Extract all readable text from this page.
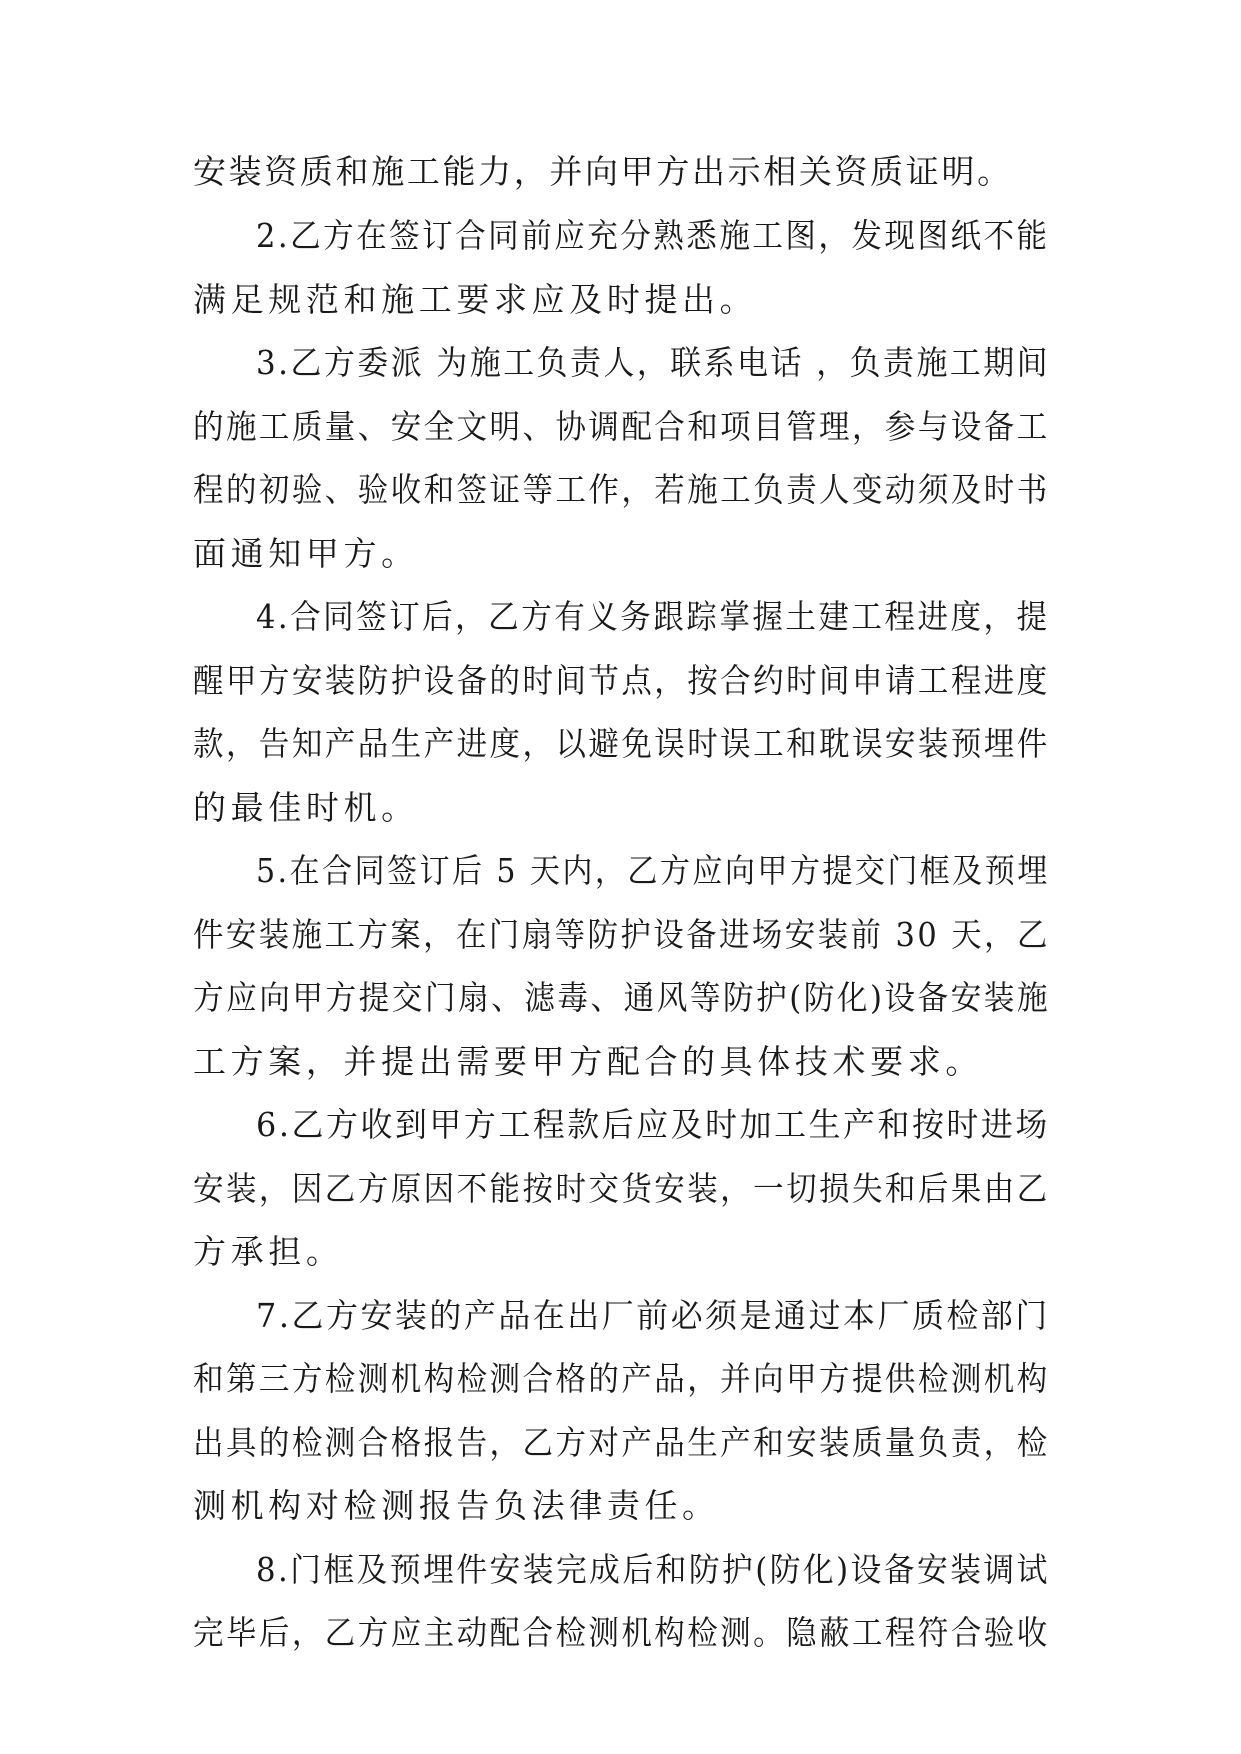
安装资质和施工能力，并向甲方出示相关资质证明。

2.乙方在签订合同前应充分熟悉施工图，发现图纸不能

满足规范和施工要求应及时提出。

3.乙方委派 为施工负责人，联系电话 ，负责施工期间

的施工质量、安全文明、协调配合和项目管理，参与设备工

程的初验、验收和签证等工作，若施工负责人变动须及时书

面通知甲方。

4.合同签订后，乙方有义务跟踪掌握土建工程进度，提

醒甲方安装防护设备的时间节点，按合约时间申请工程进度

款，告知产品生产进度，以避免误时误工和耽误安装预埋件

的最佳时机。

5.在合同签订后 5 天内，乙方应向甲方提交门框及预埋

件安装施工方案，在门扇等防护设备进场安装前 30 天，乙

方应向甲方提交门扇、滤毒、通风等防护(防化)设备安装施

工方案，并提出需要甲方配合的具体技术要求。

6.乙方收到甲方工程款后应及时加工生产和按时进场

安装，因乙方原因不能按时交货安装，一切损失和后果由乙

方承担。

7.乙方安装的产品在出厂前必须是通过本厂质检部门

和第三方检测机构检测合格的产品，并向甲方提供检测机构

出具的检测合格报告，乙方对产品生产和安装质量负责，检

测机构对检测报告负法律责任。

8.门框及预埋件安装完成后和防护(防化)设备安装调试

完毕后，乙方应主动配合检测机构检测。隐蔽工程符合验收
